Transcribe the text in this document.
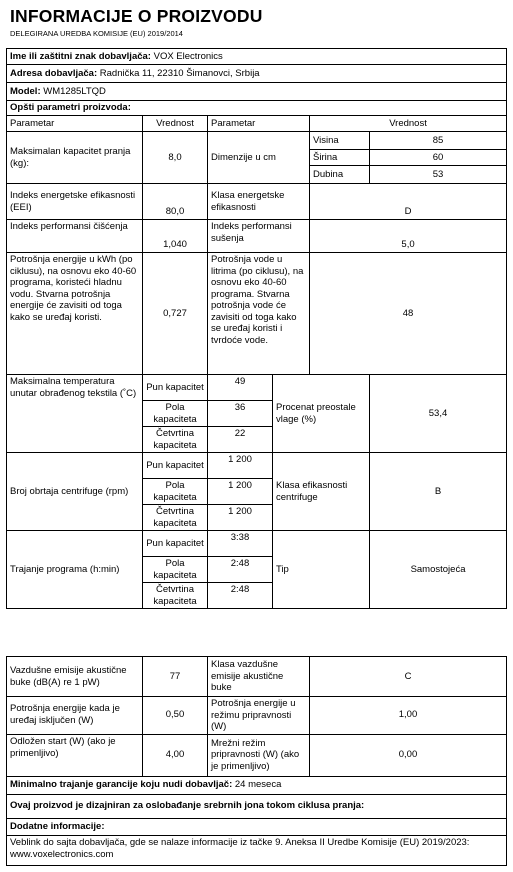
INFORMACIJE O PROIZVODU
DELEGIRANA UREDBA KOMISIJE (EU) 2019/2014
Ime ili zaštitni znak dobavljača: VOX Electronics					
Adresa dobavljača: Radnička 11, 22310 Šimanovci, Srbija					
Model: WM1285LTQD					
Opšti parametri proizvoda:					
Parametar	Vrednost	Parametar		Vrednost	
Maksimalan kapacitet pranja (kg):	8,0	Dimenzije u cm		Visina	85
				Širina	60
				Dubina	53
Indeks energetske efikasnosti (EEI)	80,0	Klasa energetske efikasnosti		D	
Indeks performansi čišćenja	1,040	Indeks performansi sušenja		5,0	
Potrošnja energije u kWh (po ciklusu), na osnovu eko 40-60 programa, koristeći hladnu vodu. Stvarna potrošnja energije će zavisiti od toga kako se uređaj koristi.	0,727	Potrošnja vode u litrima (po ciklusu), na osnovu eko 40-60 programa. Stvarna potrošnja vode će zavisiti od toga kako se uređaj koristi i tvrdoće vode.		48	
Maksimalna temperatura unutar obrađenog tekstila (˚C)	Pun kapacitet	49	Procenat preostale vlage (%)		53,4
	Pola kapaciteta	36			
	Četvrtina kapaciteta	22			
Broj obrtaja centrifuge (rpm)	Pun kapacitet	1 200	Klasa efikasnosti centrifuge		B
	Pola kapaciteta	1 200			
	Četvrtina kapaciteta	1 200			
Trajanje programa (h:min)	Pun kapacitet	3:38	Tip		Samostojeća
	Pola kapaciteta	2:48			
	Četvrtina kapaciteta	2:48			
Vazdušne emisije akustične buke (dB(A) re 1 pW)	77	Klasa vazdušne emisije akustične buke	C
Potrošnja energije kada je uređaj isključen (W)	0,50	Potrošnja energije u režimu pripravnosti (W)	1,00
Odložen start (W) (ako je primenljivo)	4,00	Mrežni režim pripravnosti (W) (ako je primenljivo)	0,00
Minimalno trajanje garancije koju nudi dobavljač: 24 meseca			
Ovaj proizvod je dizajniran za oslobađanje srebrnih jona tokom ciklusa pranja:			
Dodatne informacije:			
Veblink do sajta dobavljača, gde se nalaze informacije iz tačke 9. Aneksa II Uredbe Komisije (EU) 2019/2023: www.voxelectronics.com			
